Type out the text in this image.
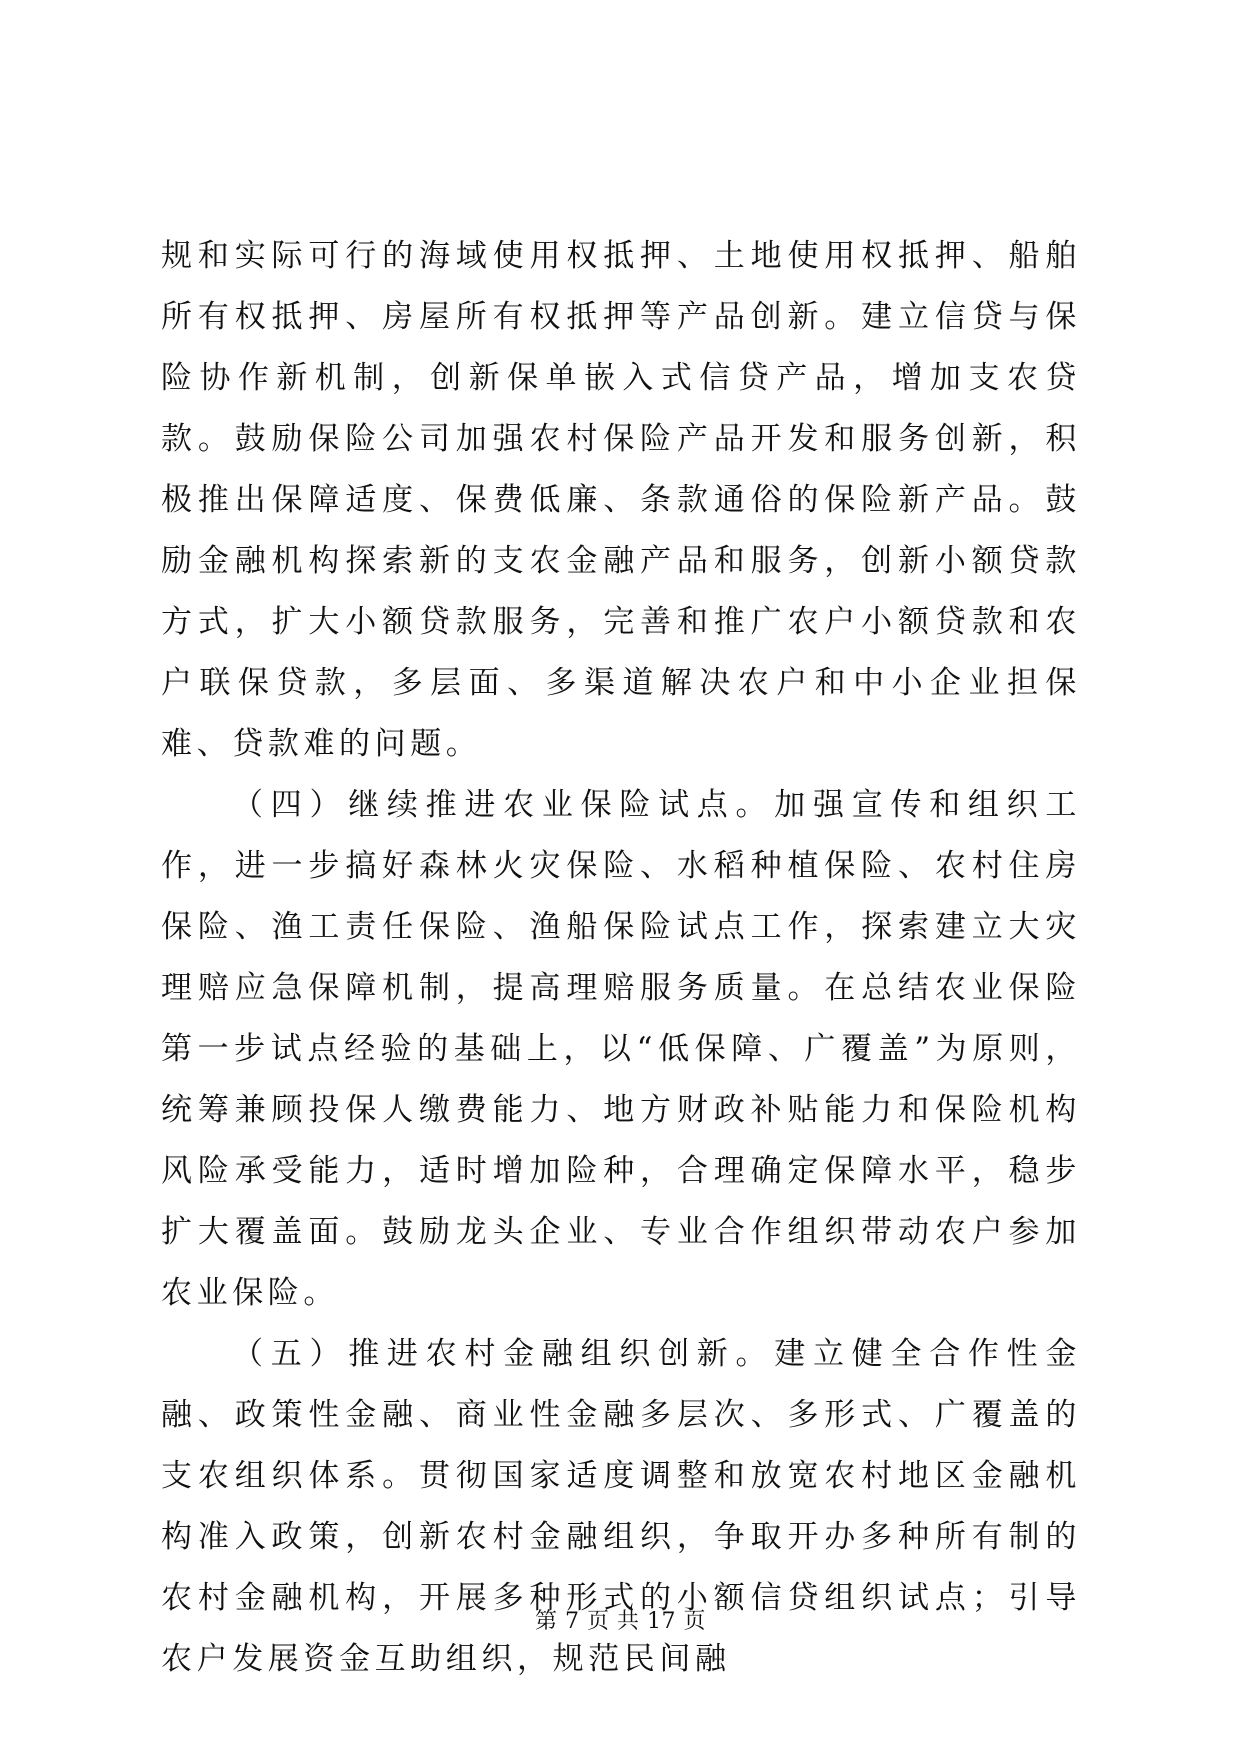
规和实际可行的海域使用权抵押、土地使用权抵押、船舶所有权抵押、房屋所有权抵押等产品创新。建立信贷与保险协作新机制，创新保单嵌入式信贷产品，增加支农贷款。鼓励保险公司加强农村保险产品开发和服务创新，积极推出保障适度、保费低廉、条款通俗的保险新产品。鼓励金融机构探索新的支农金融产品和服务，创新小额贷款方式，扩大小额贷款服务，完善和推广农户小额贷款和农户联保贷款，多层面、多渠道解决农户和中小企业担保难、贷款难的问题。

（四）继续推进农业保险试点。加强宣传和组织工作，进一步搞好森林火灾保险、水稻种植保险、农村住房保险、渔工责任保险、渔船保险试点工作，探索建立大灾理赔应急保障机制，提高理赔服务质量。在总结农业保险第一步试点经验的基础上，以“低保障、广覆盖”为原则，统筹兼顾投保人缴费能力、地方财政补贴能力和保险机构风险承受能力，适时增加险种，合理确定保障水平，稳步扩大覆盖面。鼓励龙头企业、专业合作组织带动农户参加农业保险。

（五）推进农村金融组织创新。建立健全合作性金融、政策性金融、商业性金融多层次、多形式、广覆盖的支农组织体系。贯彻国家适度调整和放宽农村地区金融机构准入政策，创新农村金融组织，争取开办多种所有制的农村金融机构，开展多种形式的小额信贷组织试点；引导农户发展资金互助组织，规范民间融

第 7 页 共 17 页
